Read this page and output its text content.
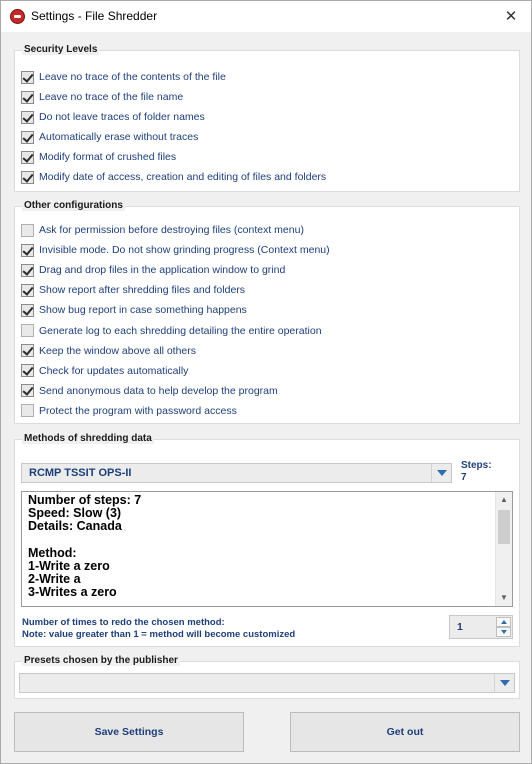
Settings - File Shredder	✕
Security Levels
Leave no trace of the contents of the file
Leave no trace of the file name
Do not leave traces of folder names
Automatically erase without traces
Modify format of crushed files
Modify date of access, creation and editing of files and folders
Other configurations
Ask for permission before destroying files (context menu)
Invisible mode. Do not show grinding progress (Context menu)
Drag and drop files in the application window to grind
Show report after shredding files and folders
Show bug report in case something happens
Generate log to each shredding detailing the entire operation
Keep the window above all others
Check for updates automatically
Send anonymous data to help develop the program
Protect the program with password access
Methods of shredding data
RCMP TSSIT OPS-II
Steps:
7
Number of steps: 7
Speed: Slow (3)
Details: Canada
Method:
1-Write a zero
2-Write a
3-Writes a zero
▲
▼
Number of times to redo the chosen method:
Note: value greater than 1 = method will become customized
1
Presets chosen by the publisher
Save Settings	Get out
